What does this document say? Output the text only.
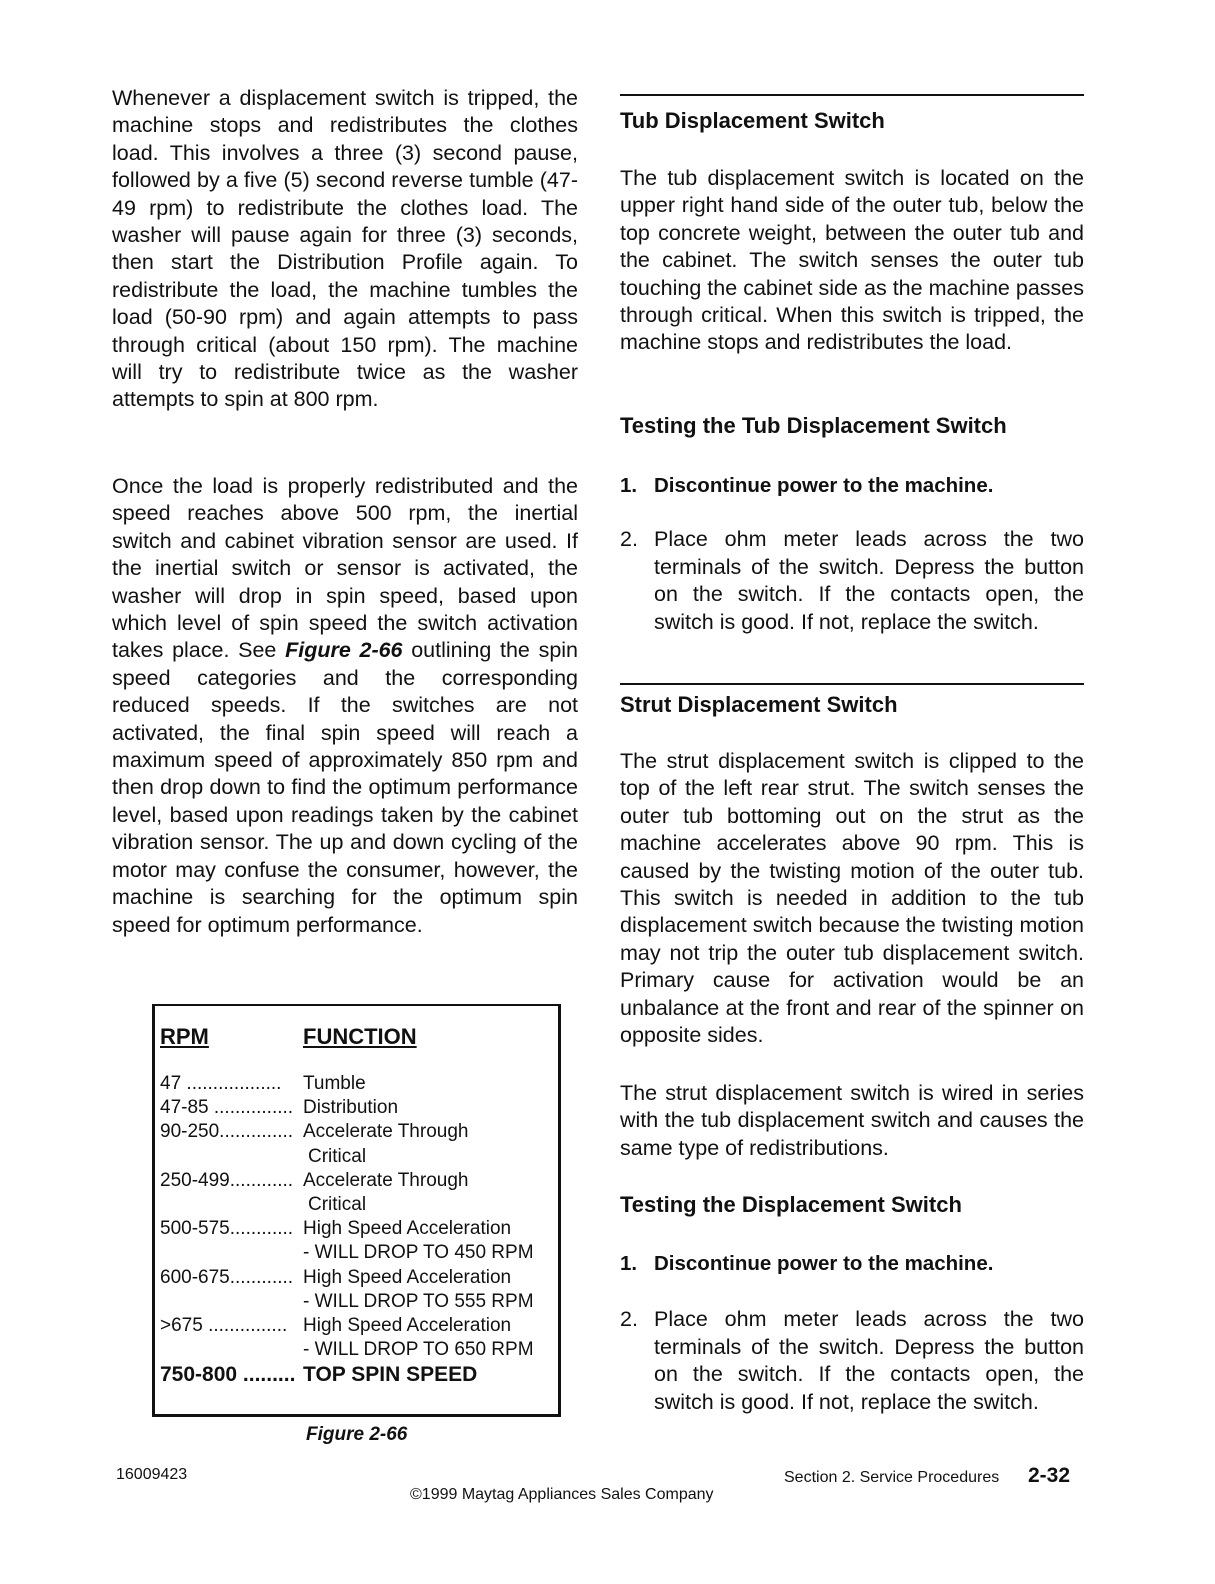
Whenever a displacement switch is tripped, the machine stops and redistributes the clothes load. This involves a three (3) second pause, followed by a five (5) second reverse tumble (47-49 rpm) to redistribute the clothes load. The washer will pause again for three (3) seconds, then start the Distribution Profile again. To redistribute the load, the machine tumbles the load (50-90 rpm) and again attempts to pass through critical (about 150 rpm). The machine will try to redistribute twice as the washer attempts to spin at 800 rpm.

Once the load is properly redistributed and the speed reaches above 500 rpm, the inertial switch and cabinet vibration sensor are used. If the inertial switch or sensor is activated, the washer will drop in spin speed, based upon which level of spin speed the switch activation takes place. See Figure 2-66 outlining the spin speed categories and the corresponding reduced speeds. If the switches are not activated, the final spin speed will reach a maximum speed of approximately 850 rpm and then drop down to find the optimum performance level, based upon readings taken by the cabinet vibration sensor. The up and down cycling of the motor may confuse the consumer, however, the machine is searching for the optimum spin speed for optimum performance.

RPM	FUNCTION
47 ..................	Tumble
47-85 ............... Distribution
90-250.............. Accelerate Through
Critical
250-499............ Accelerate Through
Critical
500-575............ High Speed Acceleration
- WILL DROP TO 450 RPM
600-675............ High Speed Acceleration
- WILL DROP TO 555 RPM
>675 ............... High Speed Acceleration
- WILL DROP TO 650 RPM
750-800 ......... TOP SPIN SPEED
Figure 2-66
Tub Displacement Switch

The tub displacement switch is located on the upper right hand side of the outer tub, below the top concrete weight, between the outer tub and the cabinet. The switch senses the outer tub touching the cabinet side as the machine passes through critical. When this switch is tripped, the machine stops and redistributes the load.

Testing the Tub Displacement Switch
1. Discontinue power to the machine.
2. Place ohm meter leads across the two terminals of the switch. Depress the button on the switch. If the contacts open, the switch is good. If not, replace the switch.
Strut Displacement Switch

The strut displacement switch is clipped to the top of the left rear strut. The switch senses the outer tub bottoming out on the strut as the machine accelerates above 90 rpm. This is caused by the twisting motion of the outer tub. This switch is needed in addition to the tub displacement switch because the twisting motion may not trip the outer tub displacement switch. Primary cause for activation would be an unbalance at the front and rear of the spinner on opposite sides.

The strut displacement switch is wired in series with the tub displacement switch and causes the same type of redistributions.

Testing the Displacement Switch
1. Discontinue power to the machine.
2. Place ohm meter leads across the two terminals of the switch. Depress the button on the switch. If the contacts open, the switch is good. If not, replace the switch.
16009423
©1999 Maytag Appliances Sales Company
Section 2. Service Procedures 2-32
